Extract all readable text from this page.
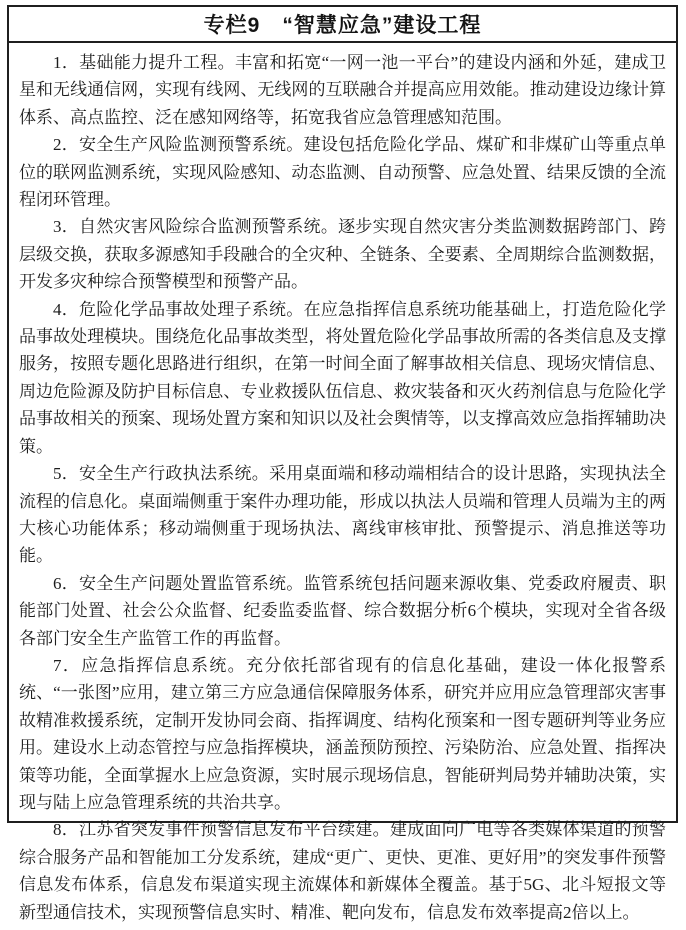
专栏9　“智慧应急”建设工程

1．基础能力提升工程。丰富和拓宽“一网一池一平台”的建设内涵和外延，建成卫星和无线通信网，实现有线网、无线网的互联融合并提高应用效能。推动建设边缘计算体系、高点监控、泛在感知网络等，拓宽我省应急管理感知范围。

2．安全生产风险监测预警系统。建设包括危险化学品、煤矿和非煤矿山等重点单位的联网监测系统，实现风险感知、动态监测、自动预警、应急处置、结果反馈的全流程闭环管理。

3．自然灾害风险综合监测预警系统。逐步实现自然灾害分类监测数据跨部门、跨层级交换，获取多源感知手段融合的全灾种、全链条、全要素、全周期综合监测数据，开发多灾种综合预警模型和预警产品。

4．危险化学品事故处理子系统。在应急指挥信息系统功能基础上，打造危险化学品事故处理模块。围绕危化品事故类型，将处置危险化学品事故所需的各类信息及支撑服务，按照专题化思路进行组织，在第一时间全面了解事故相关信息、现场灾情信息、周边危险源及防护目标信息、专业救援队伍信息、救灾装备和灭火药剂信息与危险化学品事故相关的预案、现场处置方案和知识以及社会舆情等，以支撑高效应急指挥辅助决策。

5．安全生产行政执法系统。采用桌面端和移动端相结合的设计思路，实现执法全流程的信息化。桌面端侧重于案件办理功能，形成以执法人员端和管理人员端为主的两大核心功能体系；移动端侧重于现场执法、离线审核审批、预警提示、消息推送等功能。

6．安全生产问题处置监管系统。监管系统包括问题来源收集、党委政府履责、职能部门处置、社会公众监督、纪委监委监督、综合数据分析6个模块，实现对全省各级各部门安全生产监管工作的再监督。

7．应急指挥信息系统。充分依托部省现有的信息化基础，建设一体化报警系统、“一张图”应用，建立第三方应急通信保障服务体系，研究并应用应急管理部灾害事故精准救援系统，定制开发协同会商、指挥调度、结构化预案和一图专题研判等业务应用。建设水上动态管控与应急指挥模块，涵盖预防预控、污染防治、应急处置、指挥决策等功能，全面掌握水上应急资源，实时展示现场信息，智能研判局势并辅助决策，实现与陆上应急管理系统的共治共享。

8．江苏省突发事件预警信息发布平台续建。建成面向广电等各类媒体渠道的预警综合服务产品和智能加工分发系统，建成“更广、更快、更准、更好用”的突发事件预警信息发布体系，信息发布渠道实现主流媒体和新媒体全覆盖。基于5G、北斗短报文等新型通信技术，实现预警信息实时、精准、靶向发布，信息发布效率提高2倍以上。
